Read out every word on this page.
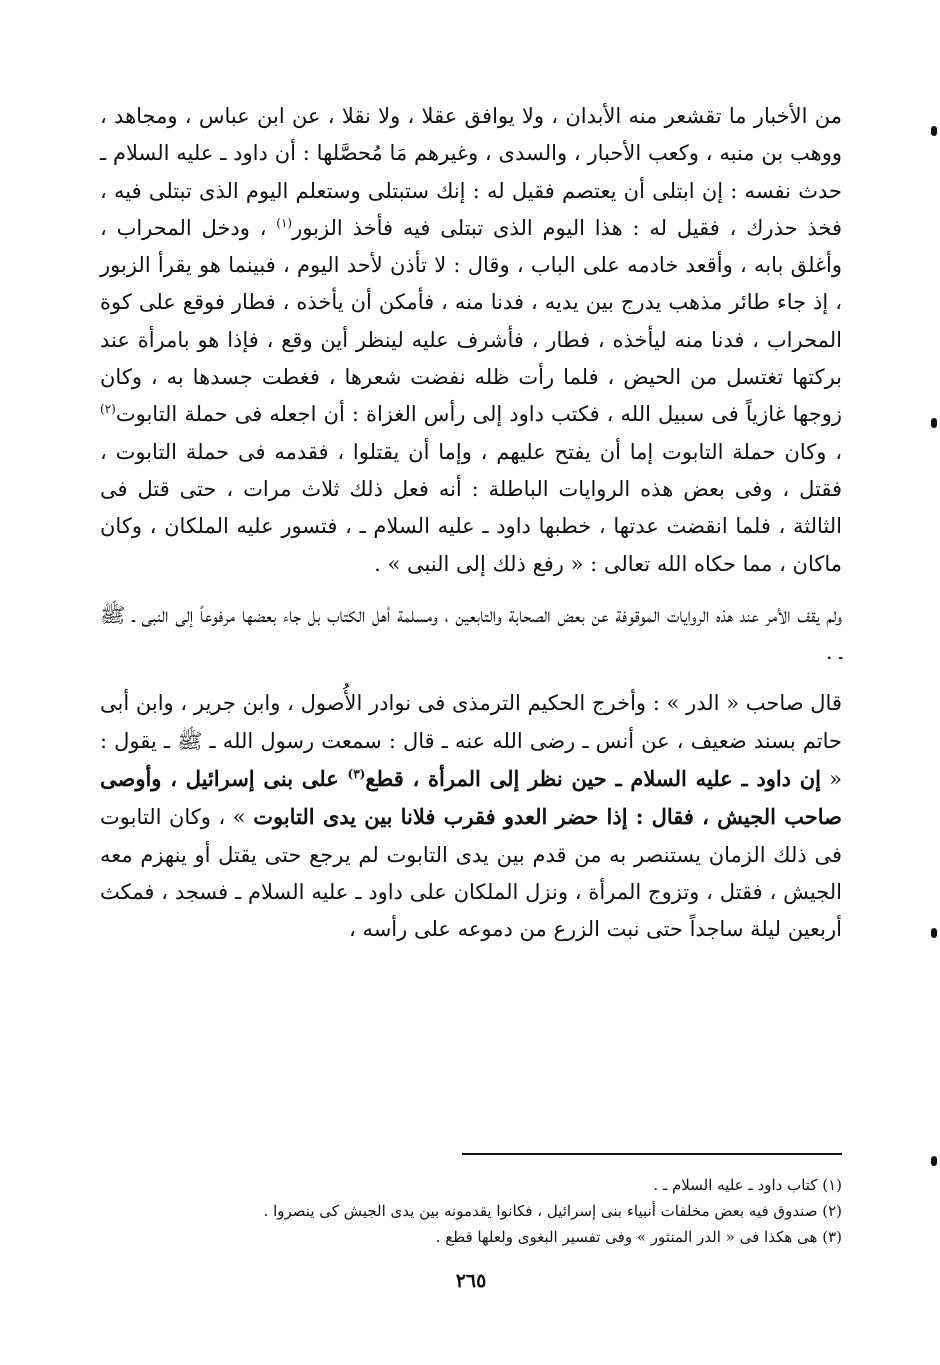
من الأخبار ما تقشعر منه الأبدان ، ولا يوافق عقلا ، ولا نقلا ، عن ابن عباس ، ومجاهد ، ووهب بن منبه ، وكعب الأحبار ، والسدى ، وغيرهم مَا مُحصَّلها : أن داود ـ عليه السلام ـ حدث نفسه : إن ابتلى أن يعتصم فقيل له : إنك ستبتلى وستعلم اليوم الذى تبتلى فيه ، فخذ حذرك ، فقيل له : هذا اليوم الذى تبتلى فيه فأخذ الزبور$^{(١)}$ ، ودخل المحراب ، وأغلق بابه ، وأقعد خادمه على الباب ، وقال : لا تأذن لأحد اليوم ، فبينما هو يقرأ الزبور ، إذ جاء طائر مذهب يدرج بين يديه ، فدنا منه ، فأمكن أن يأخذه ، فطار فوقع على كوة المحراب ، فدنا منه ليأخذه ، فطار ، فأشرف عليه لينظر أين وقع ، فإذا هو بامرأة عند بركتها تغتسل من الحيض ، فلما رأت ظله نفضت شعرها ، فغطت جسدها به ، وكان زوجها غازياً فى سبيل الله ، فكتب داود إلى رأس الغزاة : أن اجعله فى حملة التابوت$^{(٢)}$ ، وكان حملة التابوت إما أن يفتح عليهم ، وإما أن يقتلوا ، فقدمه فى حملة التابوت ، فقتل ، وفى بعض هذه الروايات الباطلة : أنه فعل ذلك ثلاث مرات ، حتى قتل فى الثالثة ، فلما انقضت عدتها ، خطبها داود ـ عليه السلام ـ ، فتسور عليه الملكان ، وكان ماكان ، مما حكاه الله تعالى : « رفع ذلك إلى النبى » .

ولم يقف الأمر عند هذه الروايات الموقوفة عن بعض الصحابة والتابعين ، ومسلمة أهل الكتاب بل جاء بعضها مرفوعاً إلى النبى ـ ﷺ ـ .

قال صاحب « الدر » : وأخرج الحكيم الترمذى فى نوادر الأُصول ، وابن جرير ، وابن أبى حاتم بسند ضعيف ، عن أنس ـ رضى الله عنه ـ قال : سمعت رسول الله ـ ﷺ ـ يقول : « إن داود ـ عليه السلام ـ حين نظر إلى المرأة ، قطع$^{(٣)}$ على بنى إسرائيل ، وأوصى صاحب الجيش ، فقال : إذا حضر العدو فقرب فلانا بين يدى التابوت » ، وكان التابوت فى ذلك الزمان يستنصر به من قدم بين يدى التابوت لم يرجع حتى يقتل أو ينهزم معه الجيش ، فقتل ، وتزوج المرأة ، ونزل الملكان على داود ـ عليه السلام ـ فسجد ، فمكث أربعين ليلة ساجداً حتى نبت الزرع من دموعه على رأسه ،

(١) كتاب داود ـ عليه السلام ـ .
(٢) صندوق فيه بعض مخلفات أنبياء بنى إسرائيل ، فكانوا يقدمونه بين يدى الجيش كى ينصروا .
(٣) هى هكذا فى « الدر المنثور » وفى تفسير البغوى ولعلها قطع .
٢٦٥
